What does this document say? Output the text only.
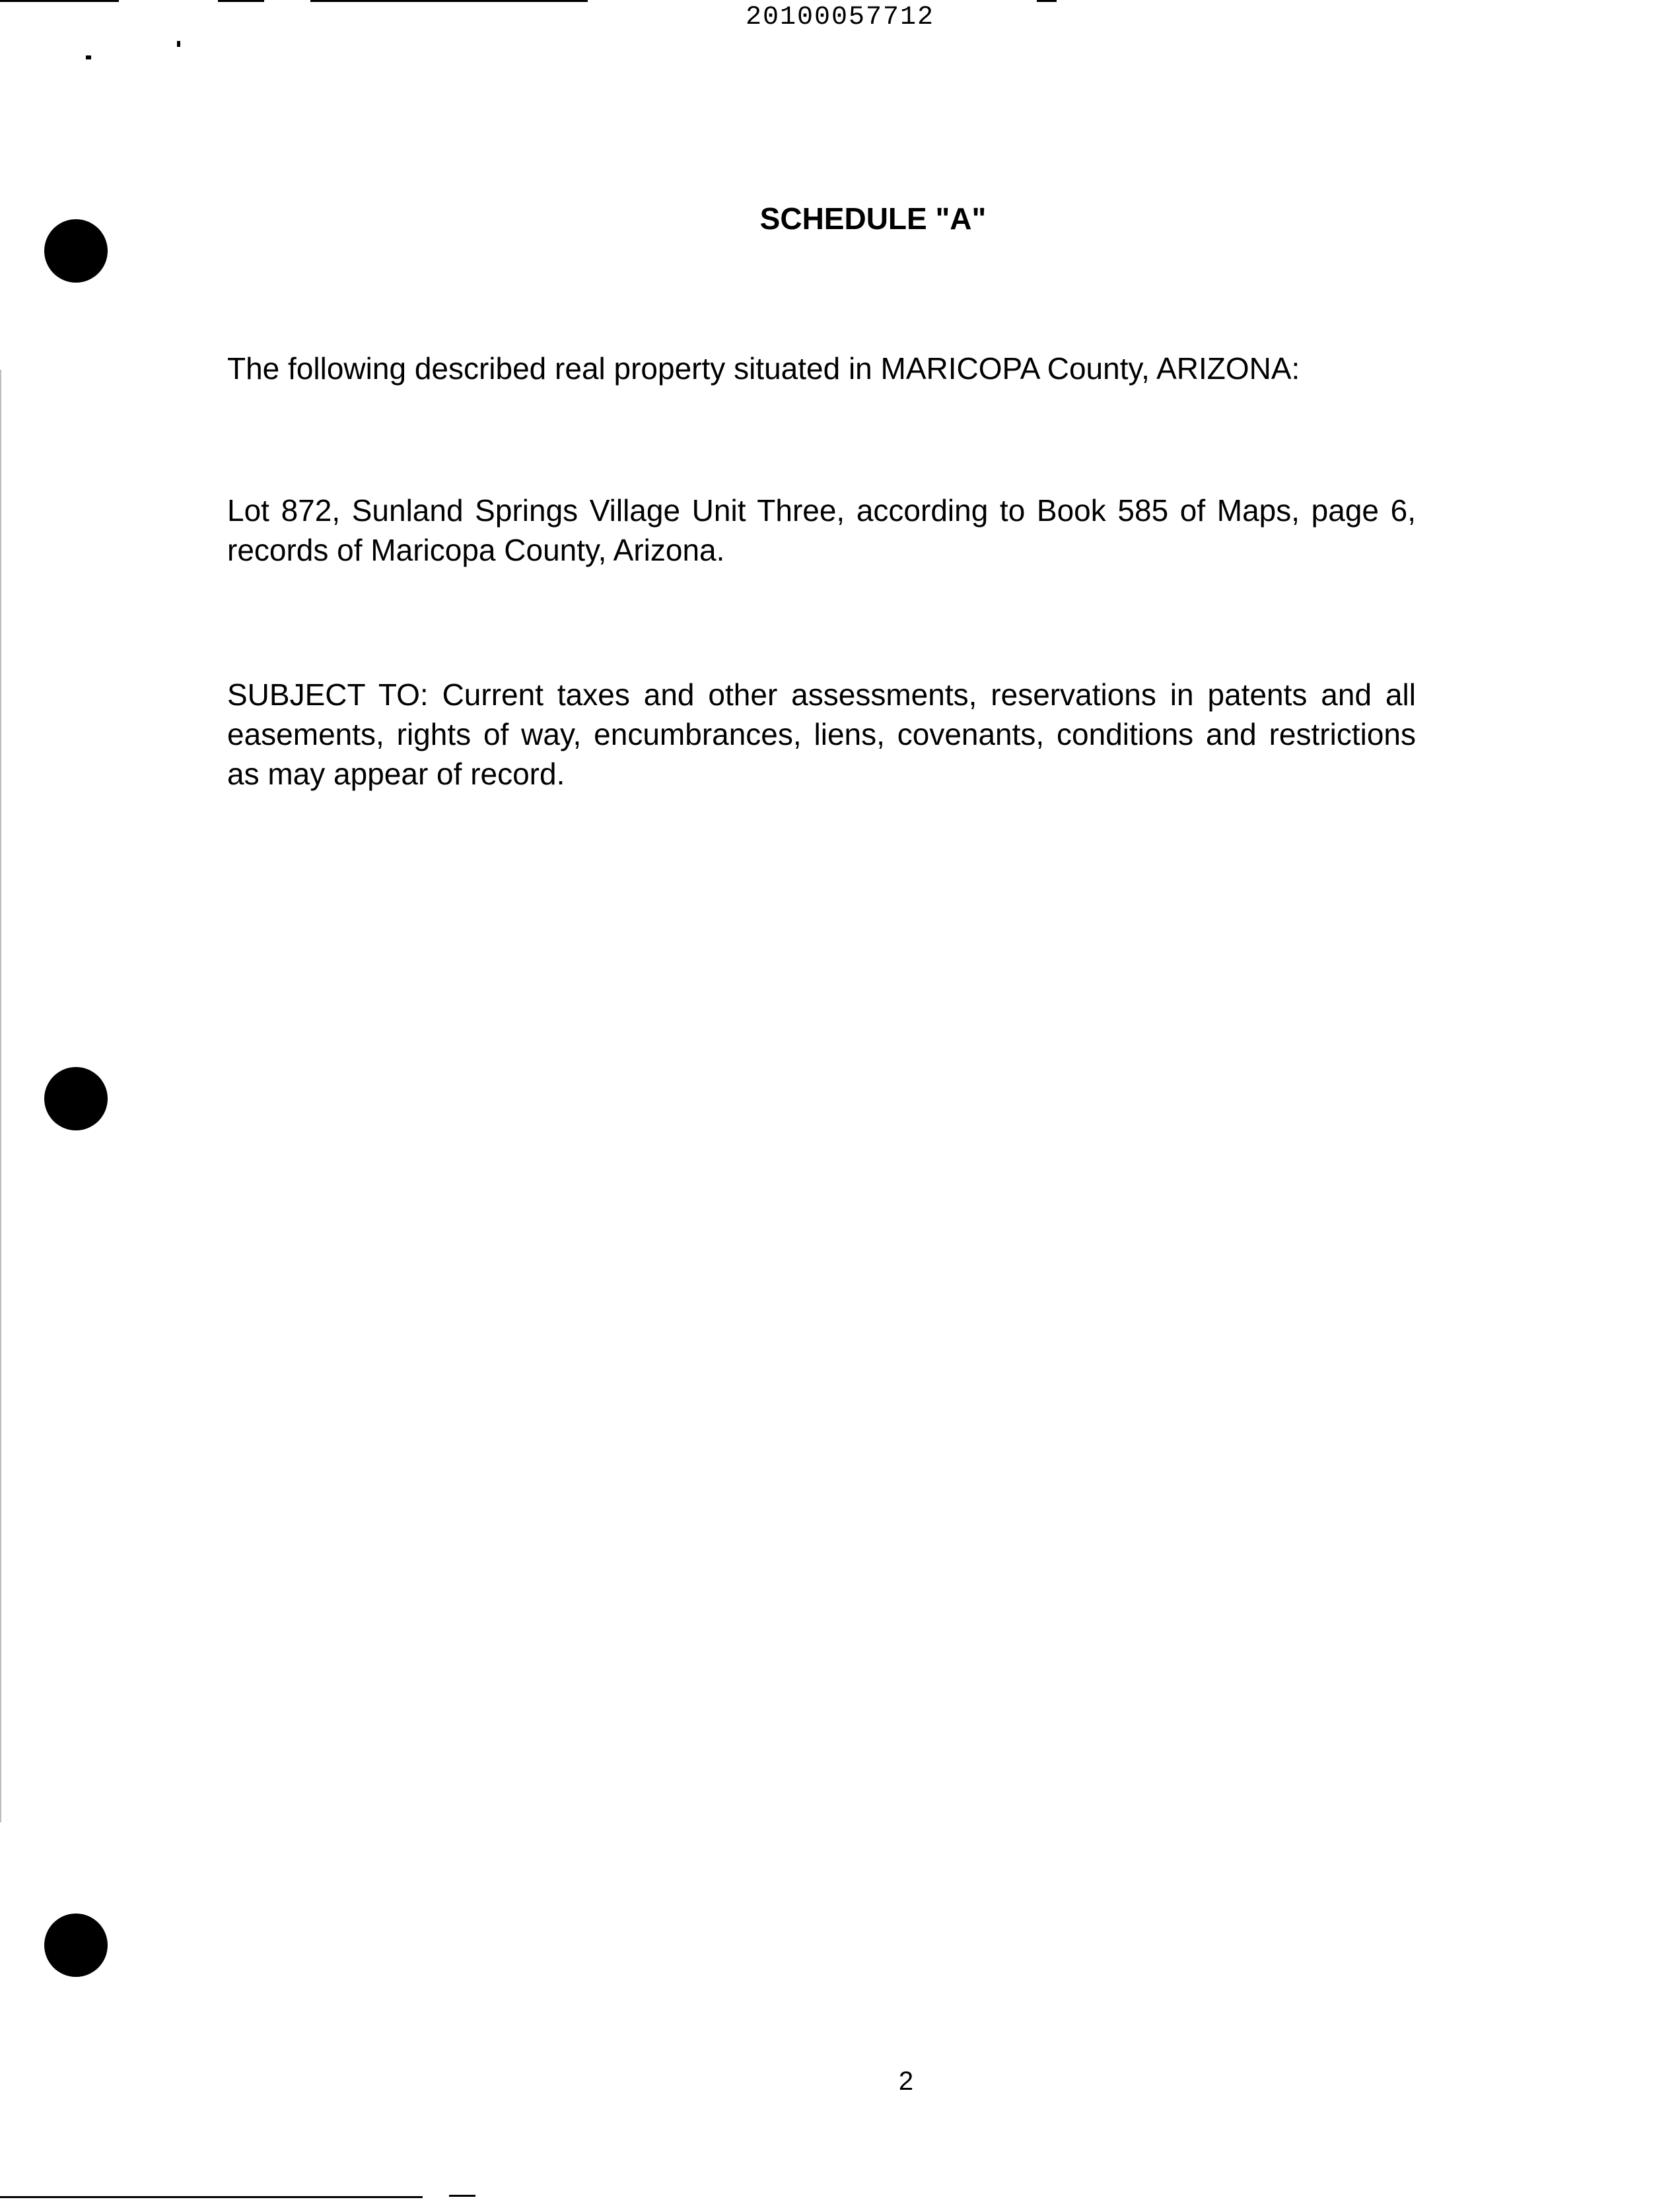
20100057712
SCHEDULE "A"
The following described real property situated in MARICOPA County, ARIZONA:
Lot 872, Sunland Springs Village Unit Three, according to Book 585 of Maps, page 6, records of Maricopa County, Arizona.
SUBJECT TO: Current taxes and other assessments, reservations in patents and all easements, rights of way, encumbrances, liens, covenants, conditions and restrictions as may appear of record.
2
